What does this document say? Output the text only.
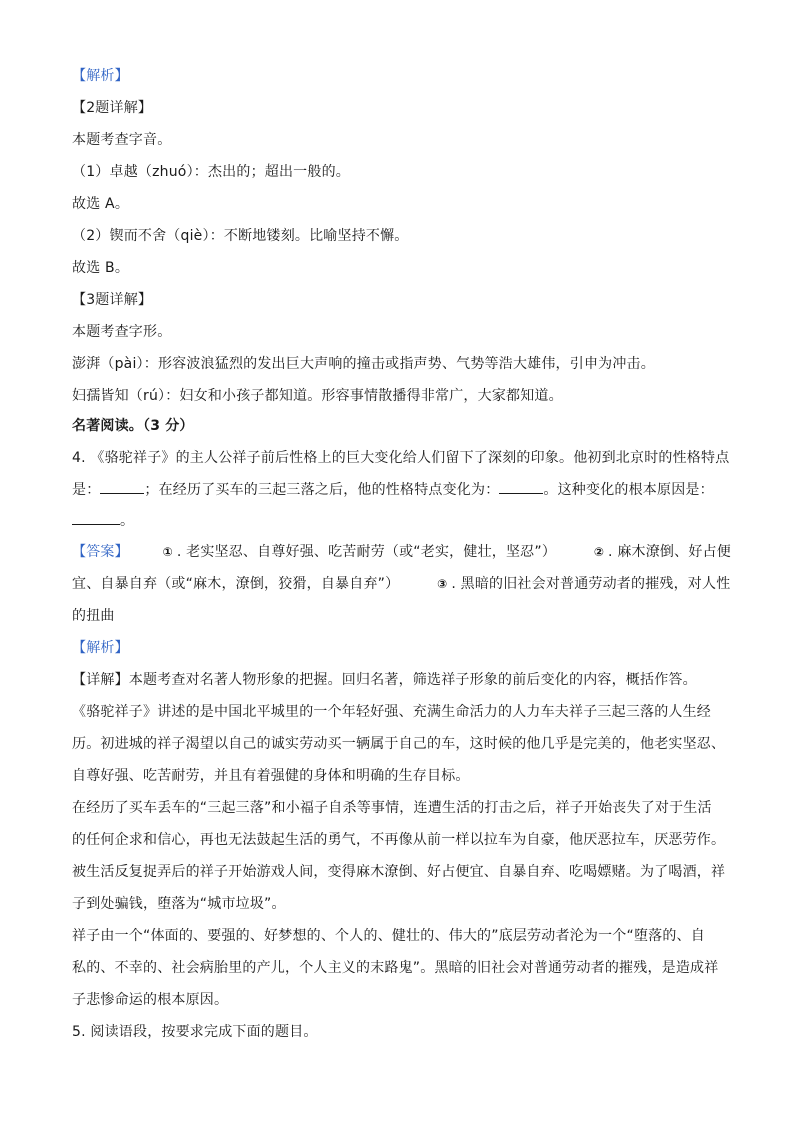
【解析】
【2题详解】
本题考查字音。
（1）卓越（zhuó）：杰出的；超出一般的。
故选 A。
（2）锲而不舍（qiè）：不断地镂刻。比喻坚持不懈。
故选 B。
【3题详解】
本题考查字形。
澎湃（pài）：形容波浪猛烈的发出巨大声响的撞击或指声势、气势等浩大雄伟，引申为冲击。
妇孺皆知（rú）：妇女和小孩子都知道。形容事情散播得非常广，大家都知道。
名著阅读。（3 分）
4. 《骆驼祥子》的主人公祥子前后性格上的巨大变化给人们留下了深刻的印象。他初到北京时的性格特点
是：	；在经历了买车的三起三落之后，他的性格特点变化为：	。这种变化的根本原因是：
。
【答案】	① . 老实坚忍、自尊好强、吃苦耐劳（或“老实，健壮，坚忍”）	② . 麻木潦倒、好占便
宜、自暴自弃（或“麻木，潦倒，狡猾，自暴自弃”）	③ . 黑暗的旧社会对普通劳动者的摧残，对人性
的扭曲
【解析】
【详解】本题考查对名著人物形象的把握。回归名著，筛选祥子形象的前后变化的内容，概括作答。
《骆驼祥子》讲述的是中国北平城里的一个年轻好强、充满生命活力的人力车夫祥子三起三落的人生经
历。初进城的祥子渴望以自己的诚实劳动买一辆属于自己的车，这时候的他几乎是完美的，他老实坚忍、
自尊好强、吃苦耐劳，并且有着强健的身体和明确的生存目标。
在经历了买车丢车的“三起三落”和小福子自杀等事情，连遭生活的打击之后，祥子开始丧失了对于生活
的任何企求和信心，再也无法鼓起生活的勇气，不再像从前一样以拉车为自豪，他厌恶拉车，厌恶劳作。
被生活反复捉弄后的祥子开始游戏人间，变得麻木潦倒、好占便宜、自暴自弃、吃喝嫖赌。为了喝酒，祥
子到处骗钱，堕落为“城市垃圾”。
祥子由一个“体面的、要强的、好梦想的、个人的、健壮的、伟大的”底层劳动者沦为一个“堕落的、自
私的、不幸的、社会病胎里的产儿，个人主义的末路鬼”。黑暗的旧社会对普通劳动者的摧残，是造成祥
子悲惨命运的根本原因。
5. 阅读语段，按要求完成下面的题目。
